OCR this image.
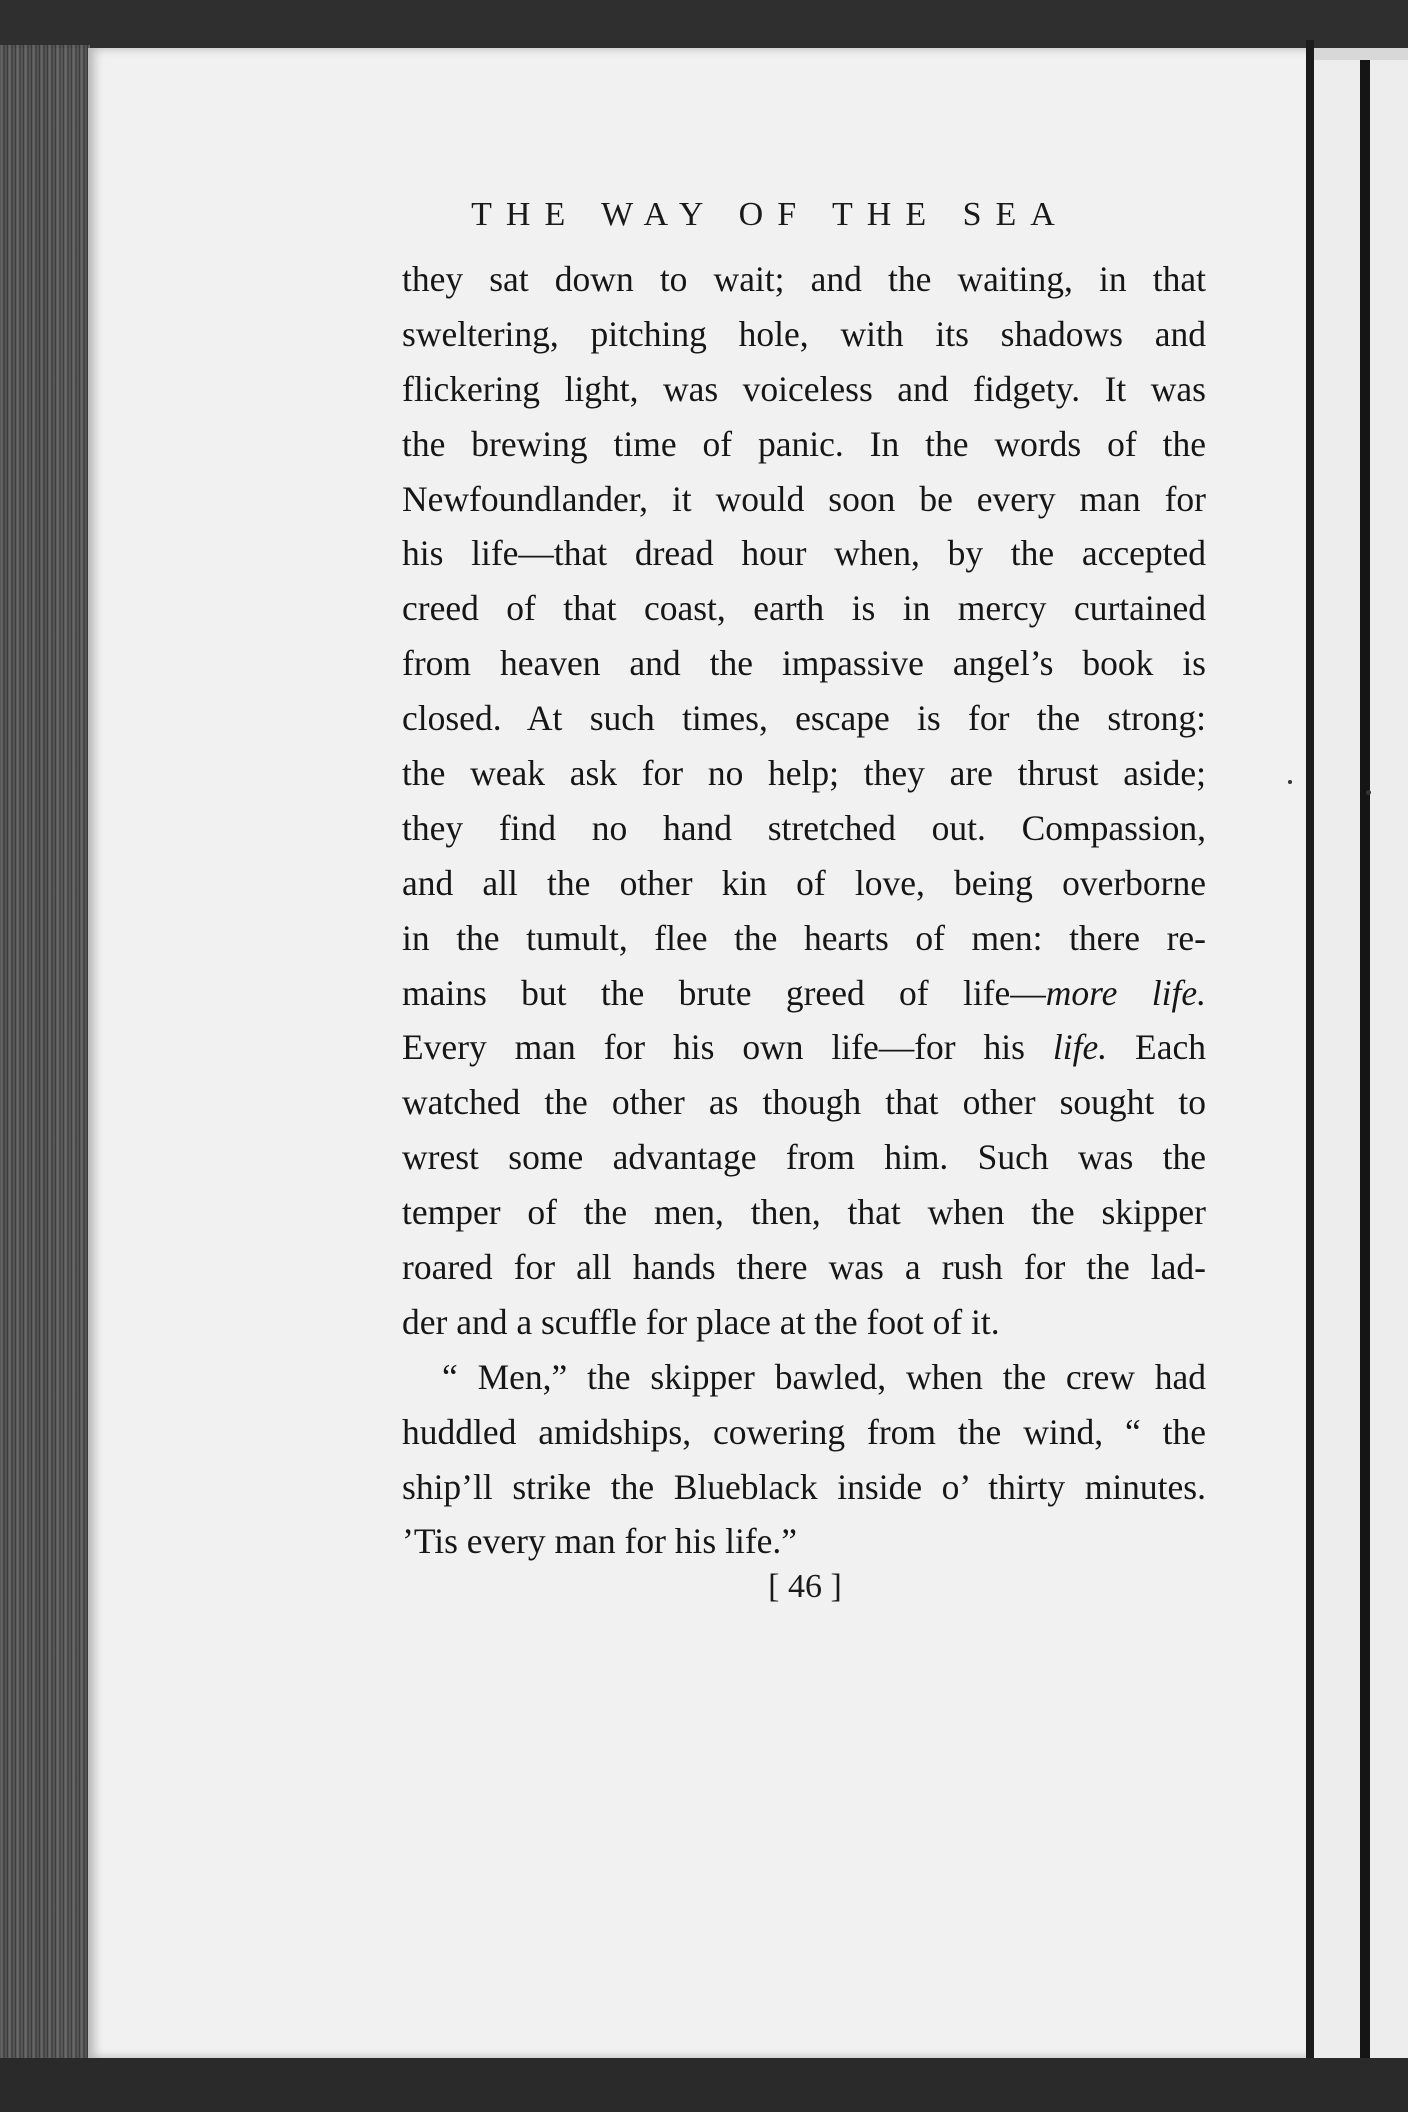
THE WAY OF THE SEA
they sat down to wait; and the waiting, in that
sweltering, pitching hole, with its shadows and
flickering light, was voiceless and fidgety. It was
the brewing time of panic. In the words of the
Newfoundlander, it would soon be every man for
his life—that dread hour when, by the accepted
creed of that coast, earth is in mercy curtained
from heaven and the impassive angel’s book is
closed. At such times, escape is for the strong:
the weak ask for no help; they are thrust aside;
they find no hand stretched out. Compassion,
and all the other kin of love, being overborne
in the tumult, flee the hearts of men: there re-
mains but the brute greed of life—more life.
Every man for his own life—for his life. Each
watched the other as though that other sought to
wrest some advantage from him. Such was the
temper of the men, then, that when the skipper
roared for all hands there was a rush for the lad-
der and a scuffle for place at the foot of it.
“ Men,” the skipper bawled, when the crew had
huddled amidships, cowering from the wind, “ the
ship’ll strike the Blueblack inside o’ thirty minutes.
’Tis every man for his life.”
[ 46 ]
